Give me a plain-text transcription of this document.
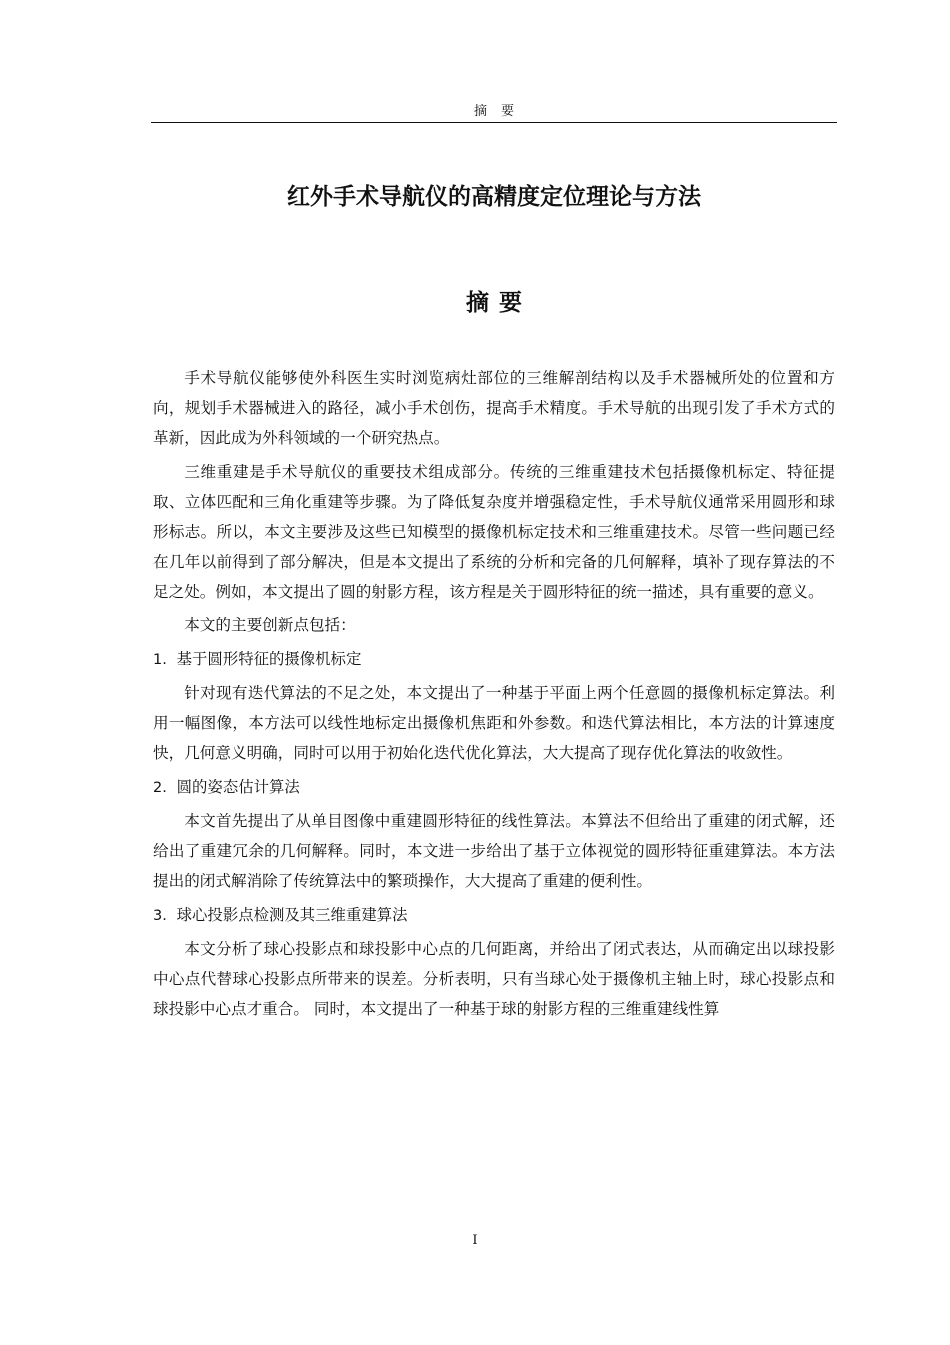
摘要
红外手术导航仪的高精度定位理论与方法
摘要

手术导航仪能够使外科医生实时浏览病灶部位的三维解剖结构以及手术器械所处的位置和方向，规划手术器械进入的路径，减小手术创伤，提高手术精度。手术导航的出现引发了手术方式的革新，因此成为外科领域的一个研究热点。

三维重建是手术导航仪的重要技术组成部分。传统的三维重建技术包括摄像机标定、特征提取、立体匹配和三角化重建等步骤。为了降低复杂度并增强稳定性，手术导航仪通常采用圆形和球形标志。所以，本文主要涉及这些已知模型的摄像机标定技术和三维重建技术。尽管一些问题已经在几年以前得到了部分解决，但是本文提出了系统的分析和完备的几何解释，填补了现存算法的不足之处。例如，本文提出了圆的射影方程，该方程是关于圆形特征的统一描述，具有重要的意义。

本文的主要创新点包括：

1. 基于圆形特征的摄像机标定

针对现有迭代算法的不足之处，本文提出了一种基于平面上两个任意圆的摄像机标定算法。利用一幅图像，本方法可以线性地标定出摄像机焦距和外参数。和迭代算法相比，本方法的计算速度快，几何意义明确，同时可以用于初始化迭代优化算法，大大提高了现存优化算法的收敛性。

2. 圆的姿态估计算法

本文首先提出了从单目图像中重建圆形特征的线性算法。本算法不但给出了重建的闭式解，还给出了重建冗余的几何解释。同时，本文进一步给出了基于立体视觉的圆形特征重建算法。本方法提出的闭式解消除了传统算法中的繁琐操作，大大提高了重建的便利性。

3. 球心投影点检测及其三维重建算法

本文分析了球心投影点和球投影中心点的几何距离，并给出了闭式表达，从而确定出以球投影中心点代替球心投影点所带来的误差。分析表明，只有当球心处于摄像机主轴上时，球心投影点和球投影中心点才重合。 同时，本文提出了一种基于球的射影方程的三维重建线性算

I
